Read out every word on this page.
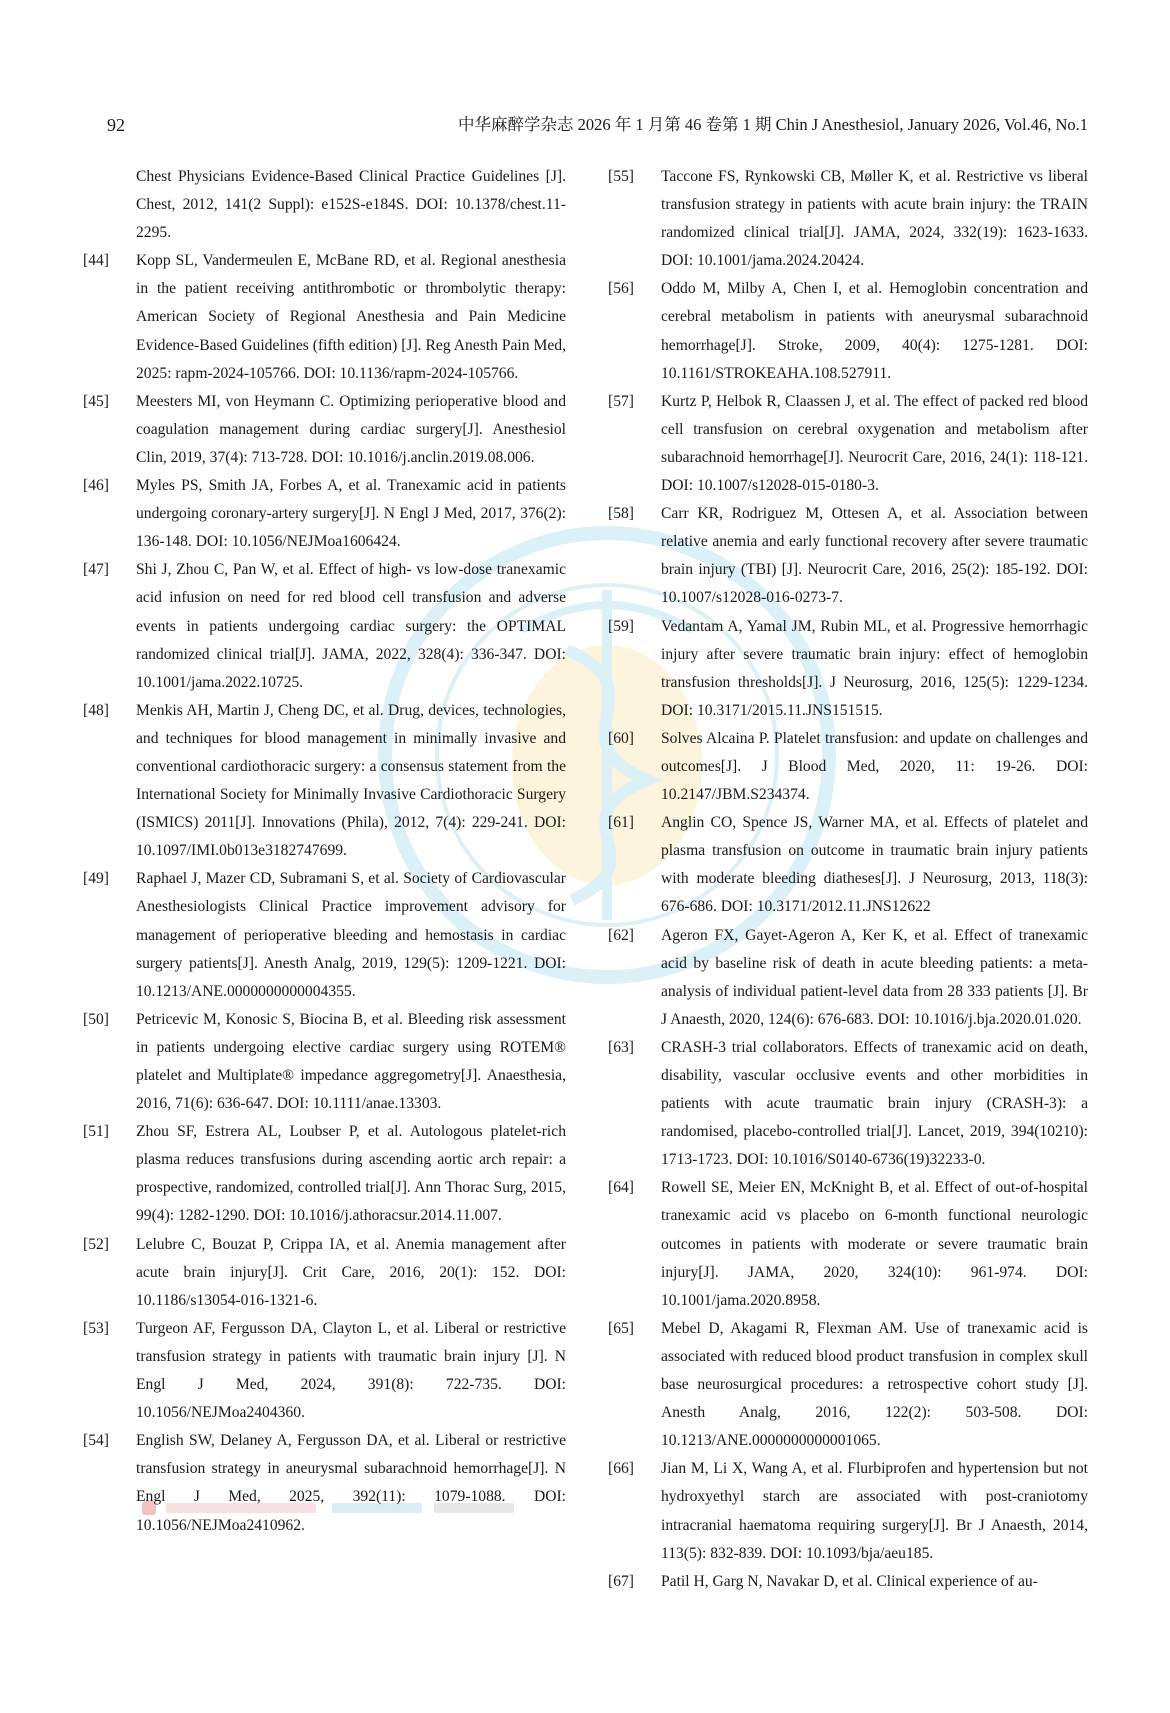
92	中华麻醉学杂志 2026 年 1 月第 46 卷第 1 期 Chin J Anesthesiol, January 2026, Vol.46, No.1
Chest Physicians Evidence-Based Clinical Practice Guidelines [J]. Chest, 2012, 141(2 Suppl): e152S-e184S. DOI: 10.1378/chest.11-2295.
[44] Kopp SL, Vandermeulen E, McBane RD, et al. Regional anesthesia in the patient receiving antithrombotic or thrombolytic therapy: American Society of Regional Anesthesia and Pain Medicine Evidence-Based Guidelines (fifth edition) [J]. Reg Anesth Pain Med, 2025: rapm-2024-105766. DOI: 10.1136/rapm-2024-105766.
[45] Meesters MI, von Heymann C. Optimizing perioperative blood and coagulation management during cardiac surgery[J]. Anesthesiol Clin, 2019, 37(4): 713-728. DOI: 10.1016/j.anclin.2019.08.006.
[46] Myles PS, Smith JA, Forbes A, et al. Tranexamic acid in patients undergoing coronary-artery surgery[J]. N Engl J Med, 2017, 376(2): 136-148. DOI: 10.1056/NEJMoa1606424.
[47] Shi J, Zhou C, Pan W, et al. Effect of high- vs low-dose tranexamic acid infusion on need for red blood cell transfusion and adverse events in patients undergoing cardiac surgery: the OPTIMAL randomized clinical trial[J]. JAMA, 2022, 328(4): 336-347. DOI: 10.1001/jama.2022.10725.
[48] Menkis AH, Martin J, Cheng DC, et al. Drug, devices, technologies, and techniques for blood management in minimally invasive and conventional cardiothoracic surgery: a consensus statement from the International Society for Minimally Invasive Cardiothoracic Surgery (ISMICS) 2011[J]. Innovations (Phila), 2012, 7(4): 229-241. DOI: 10.1097/IMI.0b013e3182747699.
[49] Raphael J, Mazer CD, Subramani S, et al. Society of Cardiovascular Anesthesiologists Clinical Practice improvement advisory for management of perioperative bleeding and hemostasis in cardiac surgery patients[J]. Anesth Analg, 2019, 129(5): 1209-1221. DOI: 10.1213/ANE.0000000000004355.
[50] Petricevic M, Konosic S, Biocina B, et al. Bleeding risk assessment in patients undergoing elective cardiac surgery using ROTEM® platelet and Multiplate® impedance aggregometry[J]. Anaesthesia, 2016, 71(6): 636-647. DOI: 10.1111/anae.13303.
[51] Zhou SF, Estrera AL, Loubser P, et al. Autologous platelet-rich plasma reduces transfusions during ascending aortic arch repair: a prospective, randomized, controlled trial[J]. Ann Thorac Surg, 2015, 99(4): 1282-1290. DOI: 10.1016/j.athoracsur.2014.11.007.
[52] Lelubre C, Bouzat P, Crippa IA, et al. Anemia management after acute brain injury[J]. Crit Care, 2016, 20(1): 152. DOI: 10.1186/s13054-016-1321-6.
[53] Turgeon AF, Fergusson DA, Clayton L, et al. Liberal or restrictive transfusion strategy in patients with traumatic brain injury [J]. N Engl J Med, 2024, 391(8): 722-735. DOI: 10.1056/NEJMoa2404360.
[54] English SW, Delaney A, Fergusson DA, et al. Liberal or restrictive transfusion strategy in aneurysmal subarachnoid hemorrhage[J]. N Engl J Med, 2025, 392(11): 1079-1088. DOI: 10.1056/NEJMoa2410962.
[55] Taccone FS, Rynkowski CB, Møller K, et al. Restrictive vs liberal transfusion strategy in patients with acute brain injury: the TRAIN randomized clinical trial[J]. JAMA, 2024, 332(19): 1623-1633. DOI: 10.1001/jama.2024.20424.
[56] Oddo M, Milby A, Chen I, et al. Hemoglobin concentration and cerebral metabolism in patients with aneurysmal subarachnoid hemorrhage[J]. Stroke, 2009, 40(4): 1275-1281. DOI: 10.1161/STROKEAHA.108.527911.
[57] Kurtz P, Helbok R, Claassen J, et al. The effect of packed red blood cell transfusion on cerebral oxygenation and metabolism after subarachnoid hemorrhage[J]. Neurocrit Care, 2016, 24(1): 118-121. DOI: 10.1007/s12028-015-0180-3.
[58] Carr KR, Rodriguez M, Ottesen A, et al. Association between relative anemia and early functional recovery after severe traumatic brain injury (TBI) [J]. Neurocrit Care, 2016, 25(2): 185-192. DOI: 10.1007/s12028-016-0273-7.
[59] Vedantam A, Yamal JM, Rubin ML, et al. Progressive hemorrhagic injury after severe traumatic brain injury: effect of hemoglobin transfusion thresholds[J]. J Neurosurg, 2016, 125(5): 1229-1234. DOI: 10.3171/2015.11.JNS151515.
[60] Solves Alcaina P. Platelet transfusion: and update on challenges and outcomes[J]. J Blood Med, 2020, 11: 19-26. DOI: 10.2147/JBM.S234374.
[61] Anglin CO, Spence JS, Warner MA, et al. Effects of platelet and plasma transfusion on outcome in traumatic brain injury patients with moderate bleeding diatheses[J]. J Neurosurg, 2013, 118(3): 676-686. DOI: 10.3171/2012.11.JNS12622
[62] Ageron FX, Gayet-Ageron A, Ker K, et al. Effect of tranexamic acid by baseline risk of death in acute bleeding patients: a meta-analysis of individual patient-level data from 28 333 patients [J]. Br J Anaesth, 2020, 124(6): 676-683. DOI: 10.1016/j.bja.2020.01.020.
[63] CRASH-3 trial collaborators. Effects of tranexamic acid on death, disability, vascular occlusive events and other morbidities in patients with acute traumatic brain injury (CRASH-3): a randomised, placebo-controlled trial[J]. Lancet, 2019, 394(10210): 1713-1723. DOI: 10.1016/S0140-6736(19)32233-0.
[64] Rowell SE, Meier EN, McKnight B, et al. Effect of out-of-hospital tranexamic acid vs placebo on 6-month functional neurologic outcomes in patients with moderate or severe traumatic brain injury[J]. JAMA, 2020, 324(10): 961-974. DOI: 10.1001/jama.2020.8958.
[65] Mebel D, Akagami R, Flexman AM. Use of tranexamic acid is associated with reduced blood product transfusion in complex skull base neurosurgical procedures: a retrospective cohort study [J]. Anesth Analg, 2016, 122(2): 503-508. DOI: 10.1213/ANE.0000000000001065.
[66] Jian M, Li X, Wang A, et al. Flurbiprofen and hypertension but not hydroxyethyl starch are associated with post-craniotomy intracranial haematoma requiring surgery[J]. Br J Anaesth, 2014, 113(5): 832-839. DOI: 10.1093/bja/aeu185.
[67] Patil H, Garg N, Navakar D, et al. Clinical experience of au-
